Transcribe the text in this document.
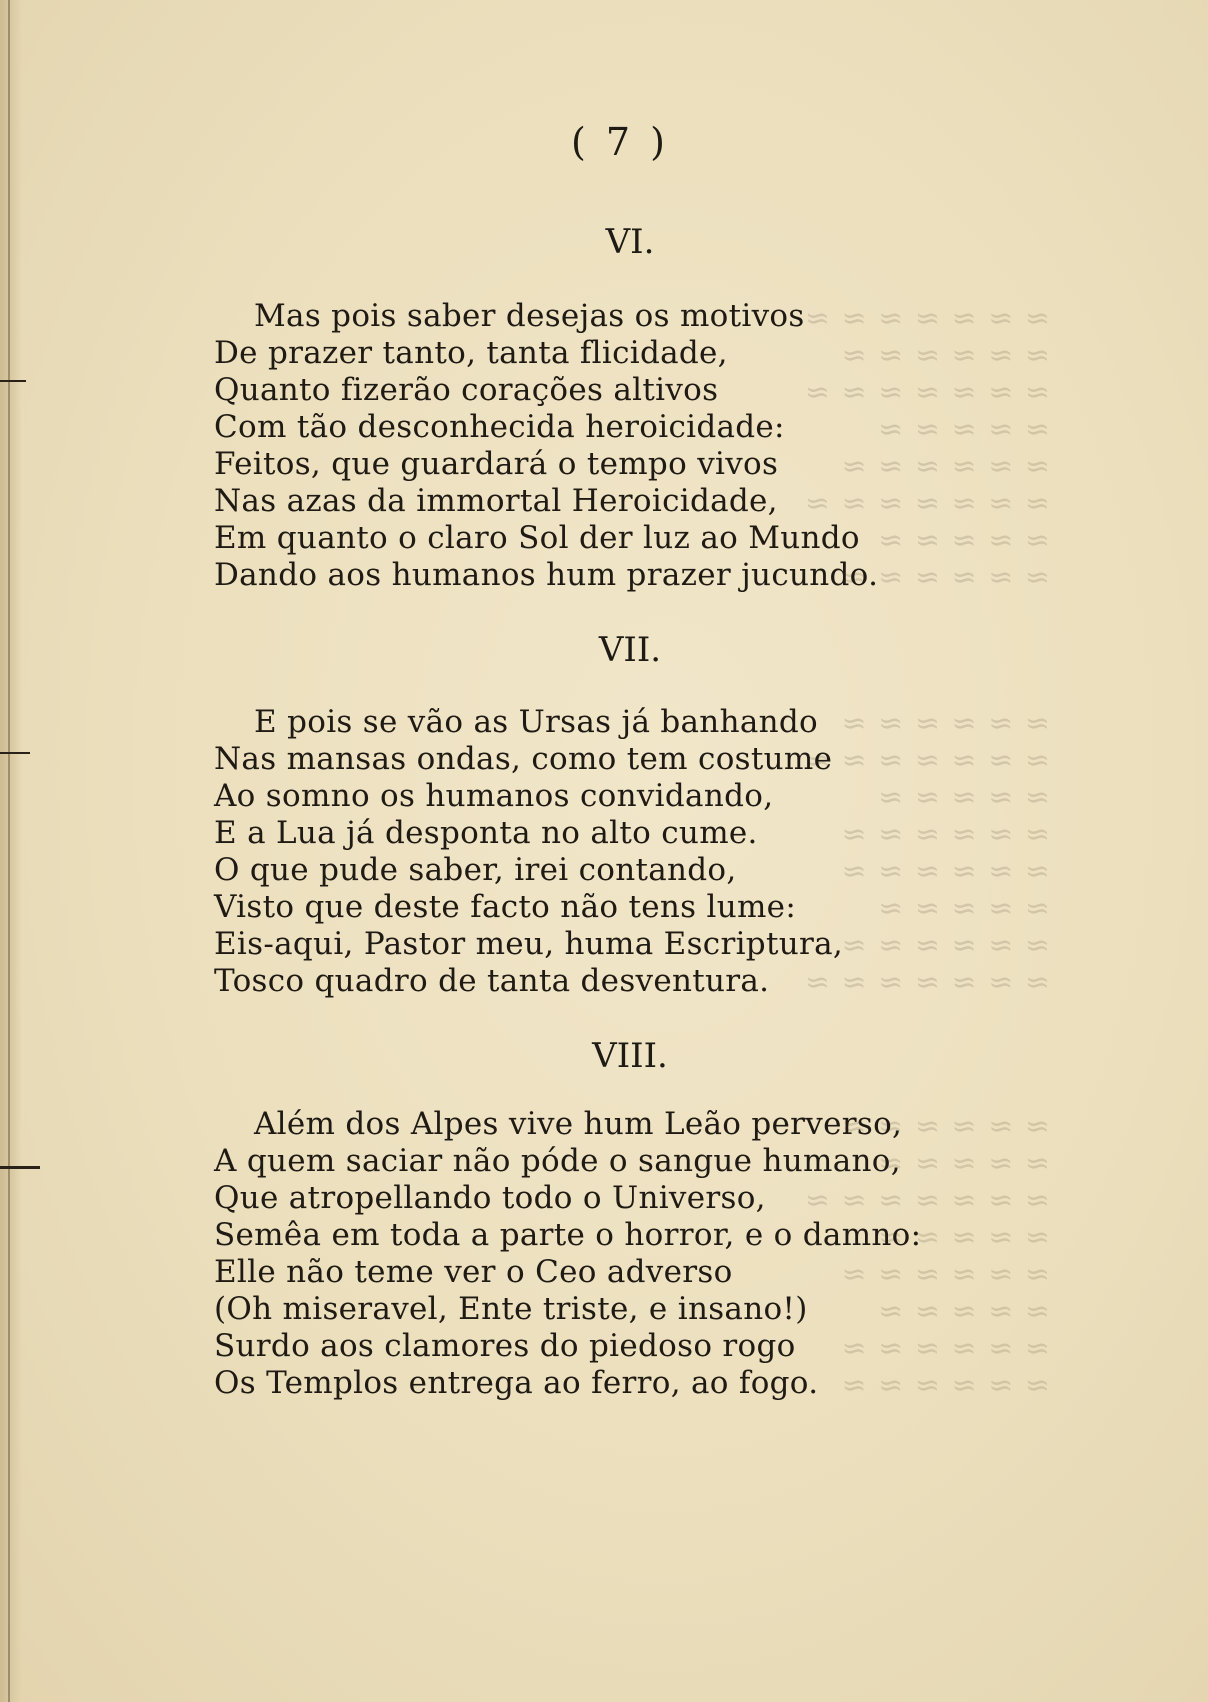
≈ ≈ ≈ ≈ ≈ ≈ ≈
≈ ≈ ≈ ≈ ≈ ≈
≈ ≈ ≈ ≈ ≈ ≈ ≈
≈ ≈ ≈ ≈ ≈
≈ ≈ ≈ ≈ ≈ ≈
≈ ≈ ≈ ≈ ≈ ≈ ≈
≈ ≈ ≈ ≈ ≈
≈ ≈ ≈ ≈ ≈ ≈
≈ ≈ ≈ ≈ ≈ ≈
≈ ≈ ≈ ≈ ≈ ≈ ≈
≈ ≈ ≈ ≈ ≈
≈ ≈ ≈ ≈ ≈ ≈
≈ ≈ ≈ ≈ ≈ ≈
≈ ≈ ≈ ≈ ≈
≈ ≈ ≈ ≈ ≈ ≈
≈ ≈ ≈ ≈ ≈ ≈ ≈
≈ ≈ ≈ ≈ ≈ ≈
≈ ≈ ≈ ≈ ≈
≈ ≈ ≈ ≈ ≈ ≈ ≈
≈ ≈ ≈ ≈ ≈
≈ ≈ ≈ ≈ ≈ ≈
≈ ≈ ≈ ≈ ≈
≈ ≈ ≈ ≈ ≈ ≈
≈ ≈ ≈ ≈ ≈ ≈
( 7 )
VI.
Mas pois saber desejas os motivos
De prazer tanto, tanta flicidade,
Quanto fizerão corações altivos
Com tão desconhecida heroicidade:
Feitos, que guardará o tempo vivos
Nas azas da immortal Heroicidade,
Em quanto o claro Sol der luz ao Mundo
Dando aos humanos hum prazer jucundo.
VII.
E pois se vão as Ursas já banhando
Nas mansas ondas, como tem costume
Ao somno os humanos convidando,
E a Lua já desponta no alto cume.
O que pude saber, irei contando,
Visto que deste facto não tens lume:
Eis-aqui, Pastor meu, huma Escriptura,
Tosco quadro de tanta desventura.
VIII.
Além dos Alpes vive hum Leão perverso,
A quem saciar não póde o sangue humano,
Que atropellando todo o Universo,
Semêa em toda a parte o horror, e o damno:
Elle não teme ver o Ceo adverso
(Oh miseravel, Ente triste, e insano!)
Surdo aos clamores do piedoso rogo
Os Templos entrega ao ferro, ao fogo.
